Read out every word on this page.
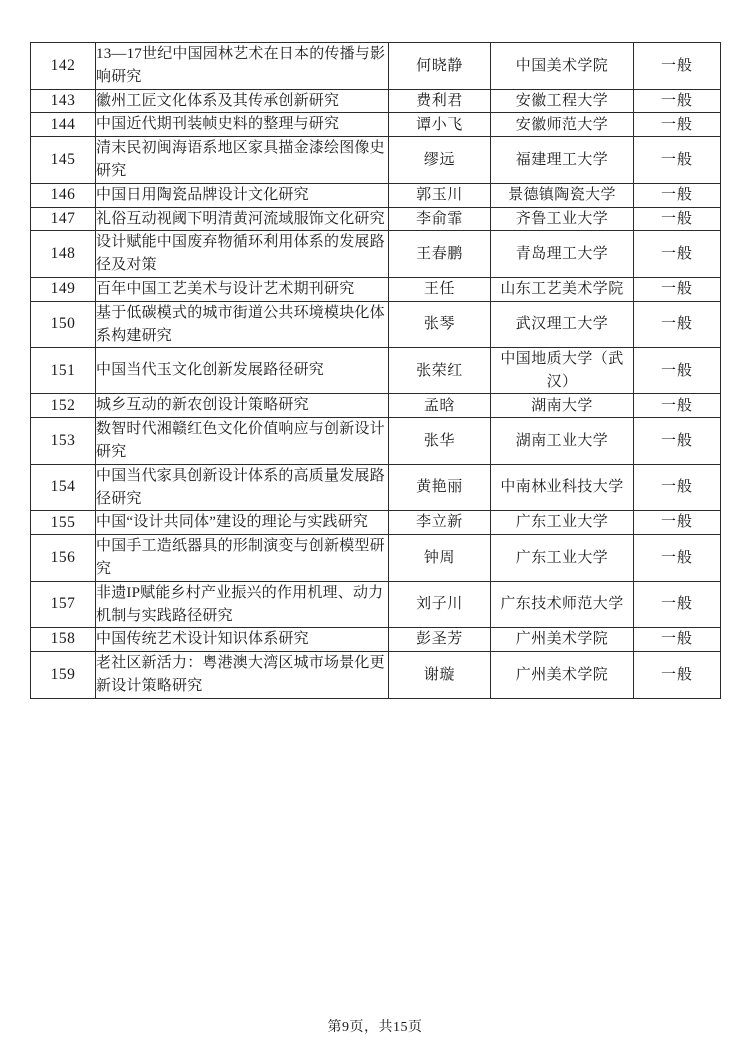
142	13—17世纪中国园林艺术在日本的传播与影响研究	何晓静	中国美术学院	一般
143	徽州工匠文化体系及其传承创新研究	费利君	安徽工程大学	一般
144	中国近代期刊装帧史料的整理与研究	谭小飞	安徽师范大学	一般
145	清末民初闽海语系地区家具描金漆绘图像史研究	缪远	福建理工大学	一般
146	中国日用陶瓷品牌设计文化研究	郭玉川	景德镇陶瓷大学	一般
147	礼俗互动视阈下明清黄河流域服饰文化研究	李俞霏	齐鲁工业大学	一般
148	设计赋能中国废弃物循环利用体系的发展路径及对策	王春鹏	青岛理工大学	一般
149	百年中国工艺美术与设计艺术期刊研究	王任	山东工艺美术学院	一般
150	基于低碳模式的城市街道公共环境模块化体系构建研究	张琴	武汉理工大学	一般
151	中国当代玉文化创新发展路径研究	张荣红	中国地质大学（武汉）	一般
152	城乡互动的新农创设计策略研究	孟晗	湖南大学	一般
153	数智时代湘赣红色文化价值响应与创新设计研究	张华	湖南工业大学	一般
154	中国当代家具创新设计体系的高质量发展路径研究	黄艳丽	中南林业科技大学	一般
155	中国“设计共同体”建设的理论与实践研究	李立新	广东工业大学	一般
156	中国手工造纸器具的形制演变与创新模型研究	钟周	广东工业大学	一般
157	非遗IP赋能乡村产业振兴的作用机理、动力机制与实践路径研究	刘子川	广东技术师范大学	一般
158	中国传统艺术设计知识体系研究	彭圣芳	广州美术学院	一般
159	老社区新活力：粤港澳大湾区城市场景化更新设计策略研究	谢璇	广州美术学院	一般
第9页，共15页
